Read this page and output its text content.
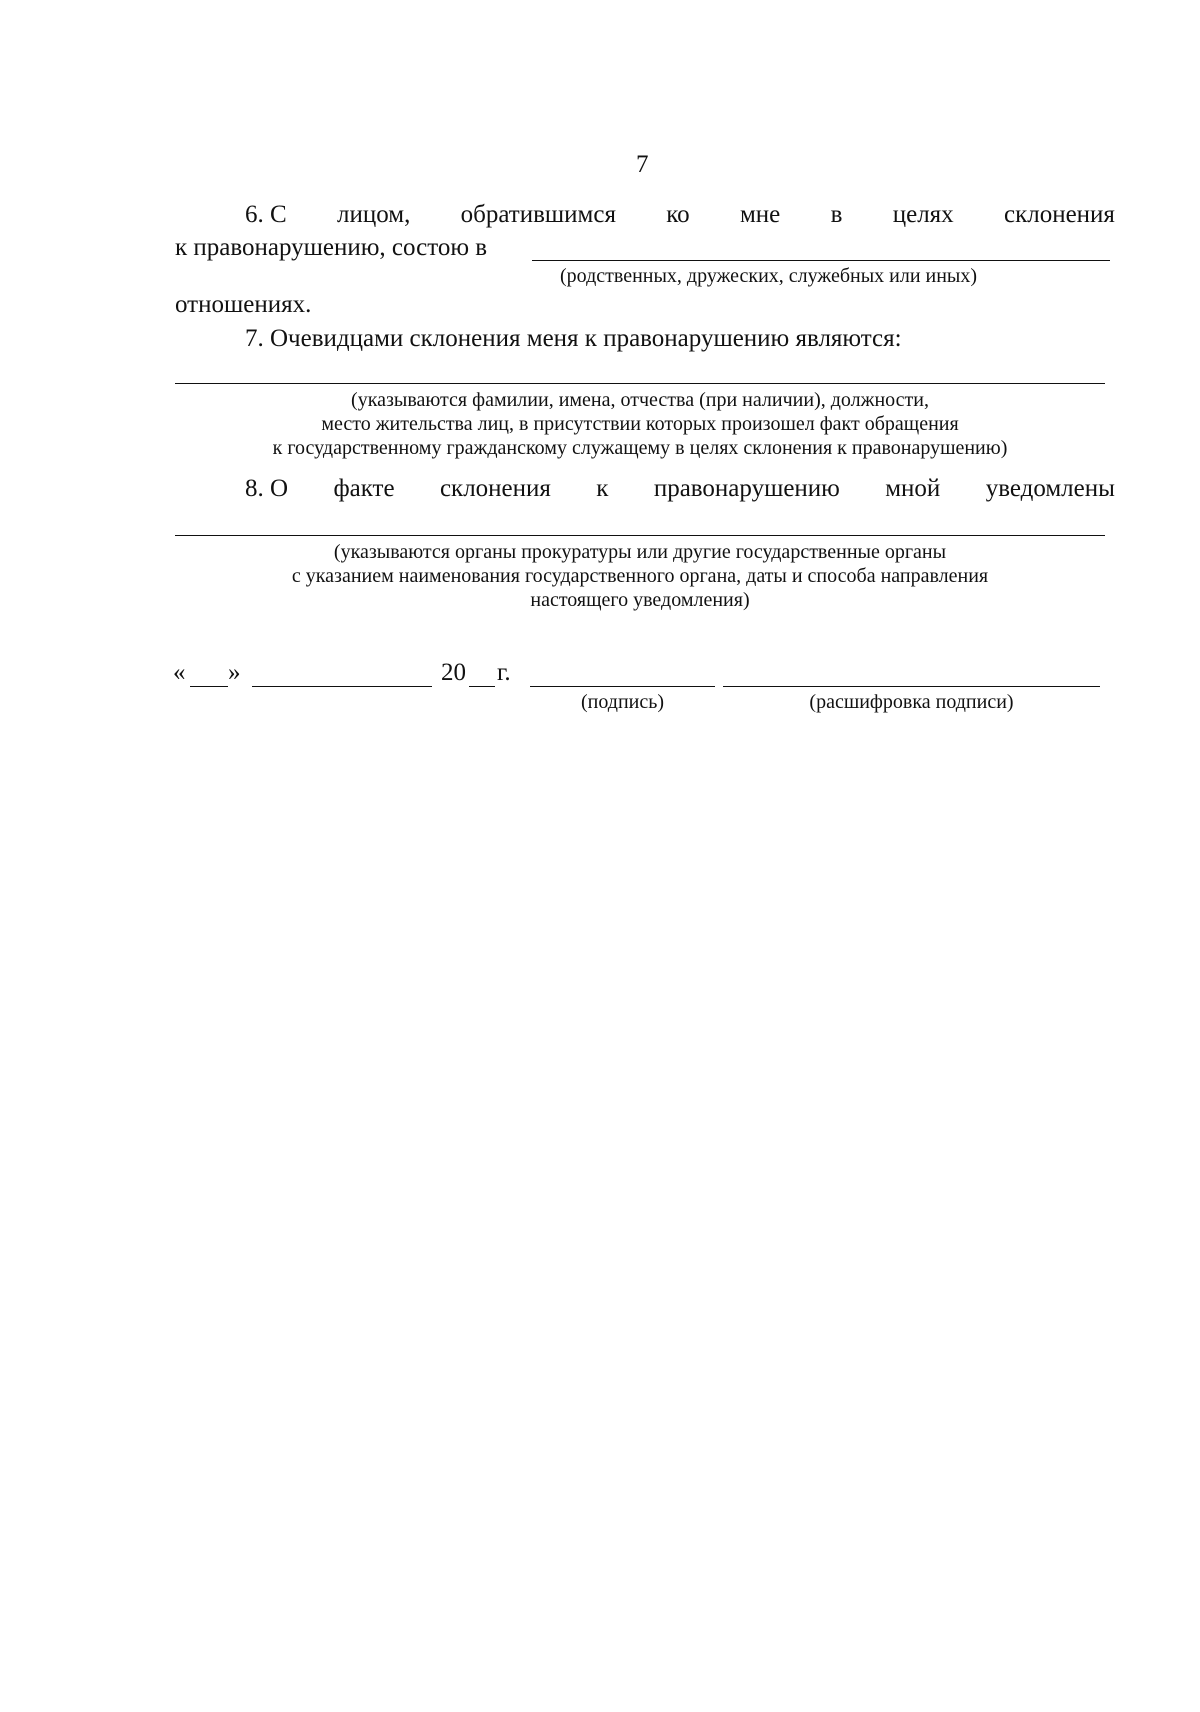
7
6. С лицом, обратившимся ко мне в целях склонения
к правонарушению, состою в
(родственных, дружеских, служебных или иных)
отношениях.
7. Очевидцами склонения меня к правонарушению являются:
(указываются фамилии, имена, отчества (при наличии), должности,
место жительства лиц, в присутствии которых произошел факт обращения
к государственному гражданскому служащему в целях склонения к правонарушению)
8. О факте склонения к правонарушению мной уведомлены
(указываются органы прокуратуры или другие государственные органы
с указанием наименования государственного органа, даты и способа направления
настоящего уведомления)
« »	20 г.
(подпись)	(расшифровка подписи)
